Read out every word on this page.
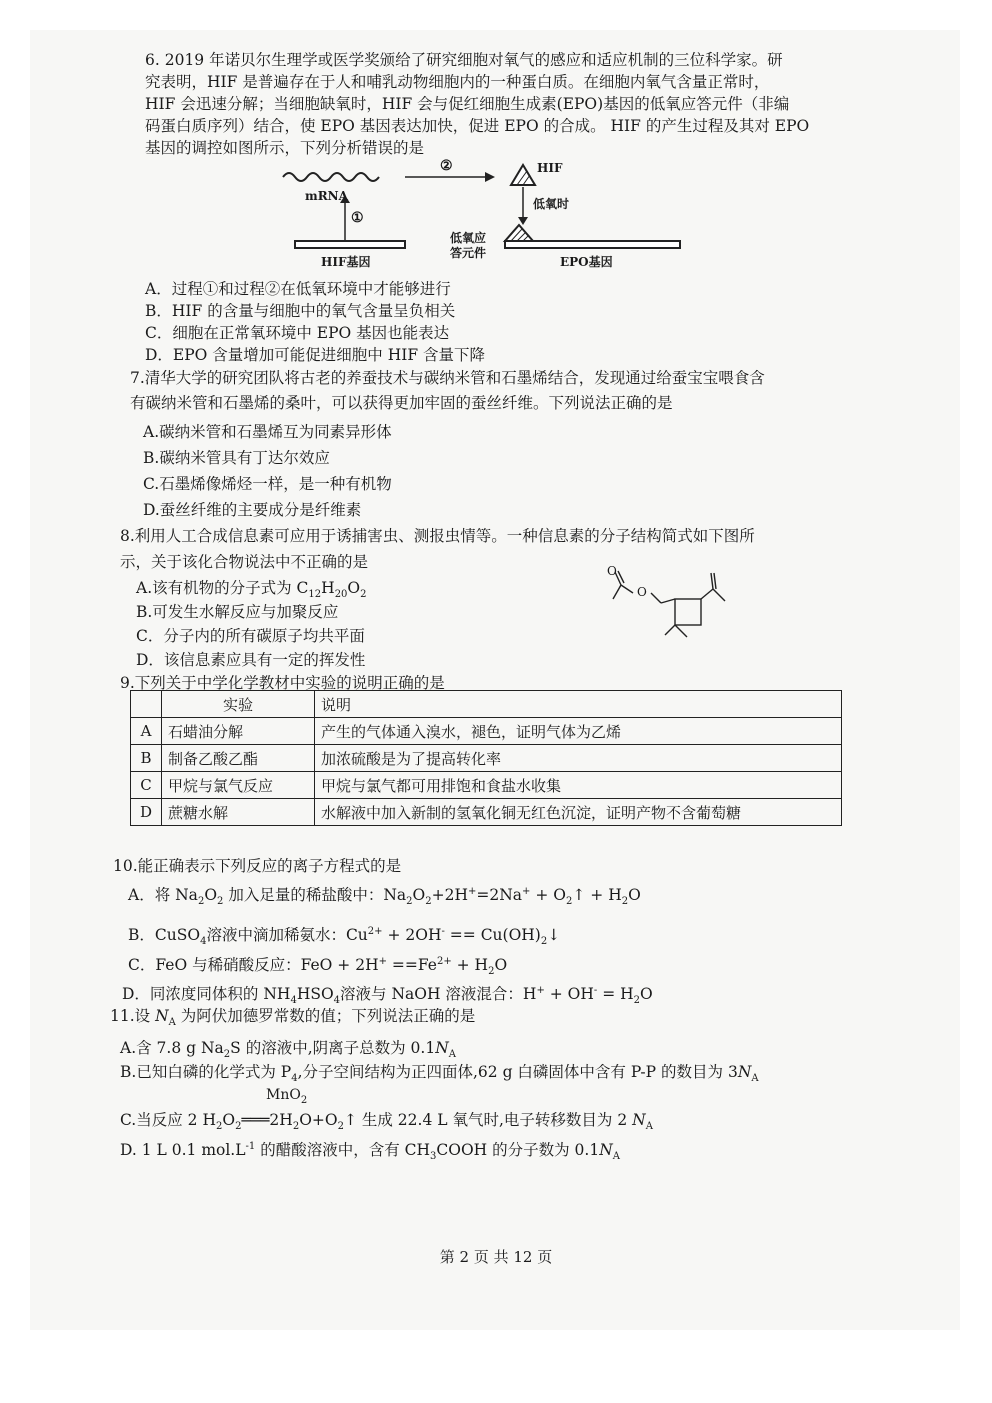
6. 2019 年诺贝尔生理学或医学奖颁给了研究细胞对氧气的感应和适应机制的三位科学家。研
究表明，HIF 是普遍存在于人和哺乳动物细胞内的一种蛋白质。在细胞内氧气含量正常时，
HIF 会迅速分解；当细胞缺氧时，HIF 会与促红细胞生成素(EPO)基因的低氧应答元件（非编
码蛋白质序列）结合，使 EPO 基因表达加快，促进 EPO 的合成。 HIF 的产生过程及其对 EPO
基因的调控如图所示，下列分析错误的是
mRNA
①
②	HIF
低氧时
低氧应
答元件
HIF基因	EPO基因
A．过程①和过程②在低氧环境中才能够进行
B．HIF 的含量与细胞中的氧气含量呈负相关
C．细胞在正常氧环境中 EPO 基因也能表达
D．EPO 含量增加可能促进细胞中 HIF 含量下降
7.清华大学的研究团队将古老的养蚕技术与碳纳米管和石墨烯结合，发现通过给蚕宝宝喂食含
有碳纳米管和石墨烯的桑叶，可以获得更加牢固的蚕丝纤维。下列说法正确的是
A.碳纳米管和石墨烯互为同素异形体
B.碳纳米管具有丁达尔效应
C.石墨烯像烯烃一样，是一种有机物
D.蚕丝纤维的主要成分是纤维素
8.利用人工合成信息素可应用于诱捕害虫、测报虫情等。一种信息素的分子结构简式如下图所
示，关于该化合物说法中不正确的是
A.该有机物的分子式为 $C_{12}H_{20}O_2$
B.可发生水解反应与加聚反应
C．分子内的所有碳原子均共平面
D．该信息素应具有一定的挥发性
O
O
9.下列关于中学化学教材中实验的说明正确的是
	实验	说明
A	石蜡油分解	产生的气体通入溴水，褪色，证明气体为乙烯
B	制备乙酸乙酯	加浓硫酸是为了提高转化率
C	甲烷与氯气反应	甲烷与氯气都可用排饱和食盐水收集
D	蔗糖水解	水解液中加入新制的氢氧化铜无红色沉淀，证明产物不含葡萄糖
10.能正确表示下列反应的离子方程式的是
A．将 $Na_2O_2$ 加入足量的稀盐酸中：$Na_2O_2+2H^+=2Na^+$ + $O_2↑ + H_2O$
B．CuSO$_4$溶液中滴加稀氨水：$Cu^{2+} + 2OH^-$ == $Cu(OH)_2↓$
C．FeO 与稀硝酸反应：FeO + $2H^+ ==Fe^{2+} + H_2O$
D．同浓度同体积的 $NH_4HSO_4$溶液与 NaOH 溶液混合：$H^+ + OH^- = H_2O$
11.设 $N_A$ 为阿伏加德罗常数的值；下列说法正确的是
A.含 7.8 g $Na_2S$ 的溶液中,阴离子总数为 $0.1N_A$
B.已知白磷的化学式为 $P_4$,分子空间结构为正四面体,62 g 白磷固体中含有 P-P 的数目为 $3N_A$
MnO$_2$
C.当反应 2 $H_2O_2═══2H_2O+O_2↑$ 生成 22.4 L 氧气时,电子转移数目为 2 $N_A$
D. 1 L 0.1 $mol.L^{-1}$ 的醋酸溶液中，含有 $CH_3COOH$ 的分子数为 $0.1N_A$
第 2 页 共 12 页
